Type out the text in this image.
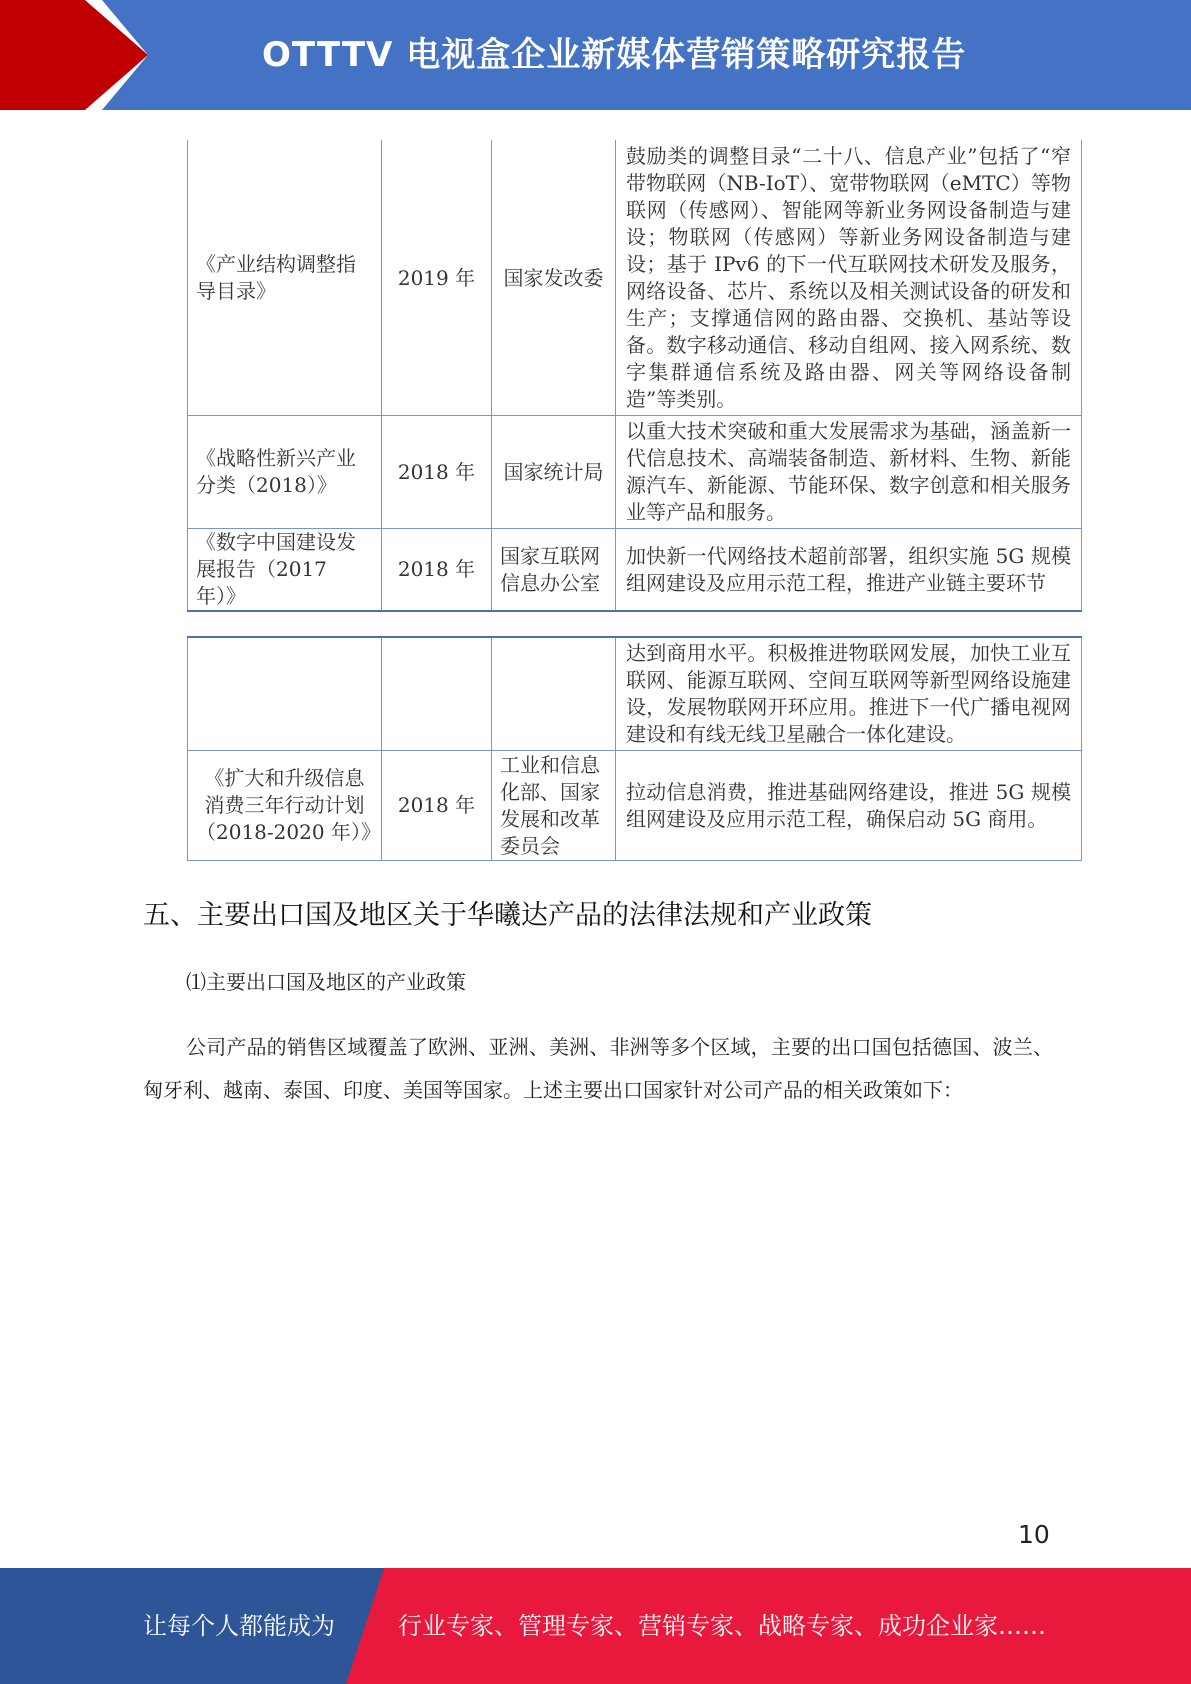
OTTTV 电视盒企业新媒体营销策略研究报告
《产业结构调整指导目录》	2019 年	国家发改委	鼓励类的调整目录“二十八、信息产业”包括了“窄带物联网（NB-IoT）、宽带物联网（eMTC）等物联网（传感网）、智能网等新业务网设备制造与建设；物联网（传感网）等新业务网设备制造与建设；基于 IPv6 的下一代互联网技术研发及服务，网络设备、芯片、系统以及相关测试设备的研发和生产；支撑通信网的路由器、交换机、基站等设备。数字移动通信、移动自组网、接入网系统、数字集群通信系统及路由器、网关等网络设备制造”等类别。
《战略性新兴产业分类（2018）》	2018 年	国家统计局	以重大技术突破和重大发展需求为基础，涵盖新一代信息技术、高端装备制造、新材料、生物、新能源汽车、新能源、节能环保、数字创意和相关服务业等产品和服务。
《数字中国建设发展报告（2017 年）》	2018 年	国家互联网信息办公室	加快新一代网络技术超前部署，组织实施 5G 规模组网建设及应用示范工程，推进产业链主要环节
			达到商用水平。积极推进物联网发展，加快工业互联网、能源互联网、空间互联网等新型网络设施建设，发展物联网开环应用。推进下一代广播电视网建设和有线无线卫星融合一体化建设。
《扩大和升级信息消费三年行动计划（2018-2020 年）》	2018 年	工业和信息化部、国家发展和改革委员会	拉动信息消费，推进基础网络建设，推进 5G 规模组网建设及应用示范工程，确保启动 5G 商用。
五、主要出口国及地区关于华曦达产品的法律法规和产业政策
⑴主要出口国及地区的产业政策
公司产品的销售区域覆盖了欧洲、亚洲、美洲、非洲等多个区域，主要的出口国包括德国、波兰、匈牙利、越南、泰国、印度、美国等国家。上述主要出口国家针对公司产品的相关政策如下：
10
让每个人都能成为	行业专家、管理专家、营销专家、战略专家、成功企业家……
